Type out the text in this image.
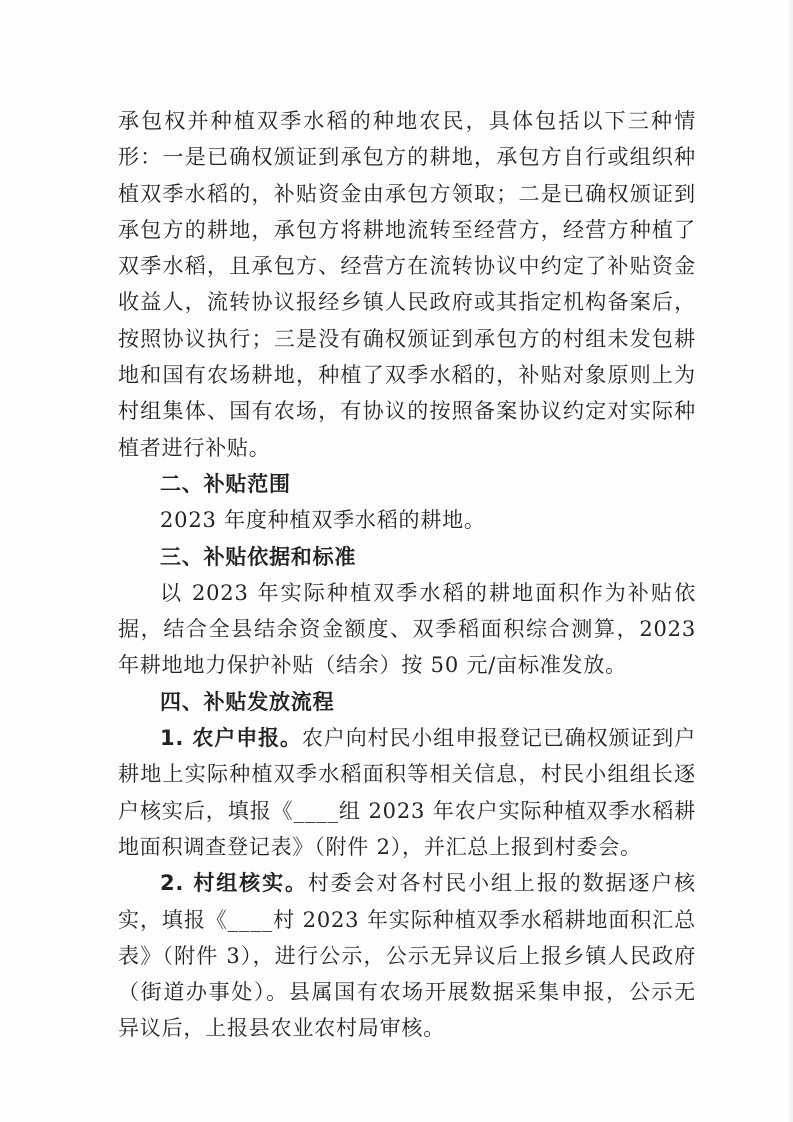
承包权并种植双季水稻的种地农民，具体包括以下三种情形：一是已确权颁证到承包方的耕地，承包方自行或组织种植双季水稻的，补贴资金由承包方领取；二是已确权颁证到承包方的耕地，承包方将耕地流转至经营方，经营方种植了双季水稻，且承包方、经营方在流转协议中约定了补贴资金收益人，流转协议报经乡镇人民政府或其指定机构备案后，按照协议执行；三是没有确权颁证到承包方的村组未发包耕地和国有农场耕地，种植了双季水稻的，补贴对象原则上为村组集体、国有农场，有协议的按照备案协议约定对实际种植者进行补贴。

二、补贴范围

2023 年度种植双季水稻的耕地。

三、补贴依据和标准

以 2023 年实际种植双季水稻的耕地面积作为补贴依据，结合全县结余资金额度、双季稻面积综合测算，2023 年耕地地力保护补贴（结余）按 50 元/亩标准发放。

四、补贴发放流程

1. 农户申报。农户向村民小组申报登记已确权颁证到户耕地上实际种植双季水稻面积等相关信息，村民小组组长逐户核实后，填报《____组 2023 年农户实际种植双季水稻耕地面积调查登记表》（附件 2），并汇总上报到村委会。

2. 村组核实。村委会对各村民小组上报的数据逐户核实，填报《____村 2023 年实际种植双季水稻耕地面积汇总表》（附件 3），进行公示，公示无异议后上报乡镇人民政府（街道办事处）。县属国有农场开展数据采集申报，公示无异议后，上报县农业农村局审核。
